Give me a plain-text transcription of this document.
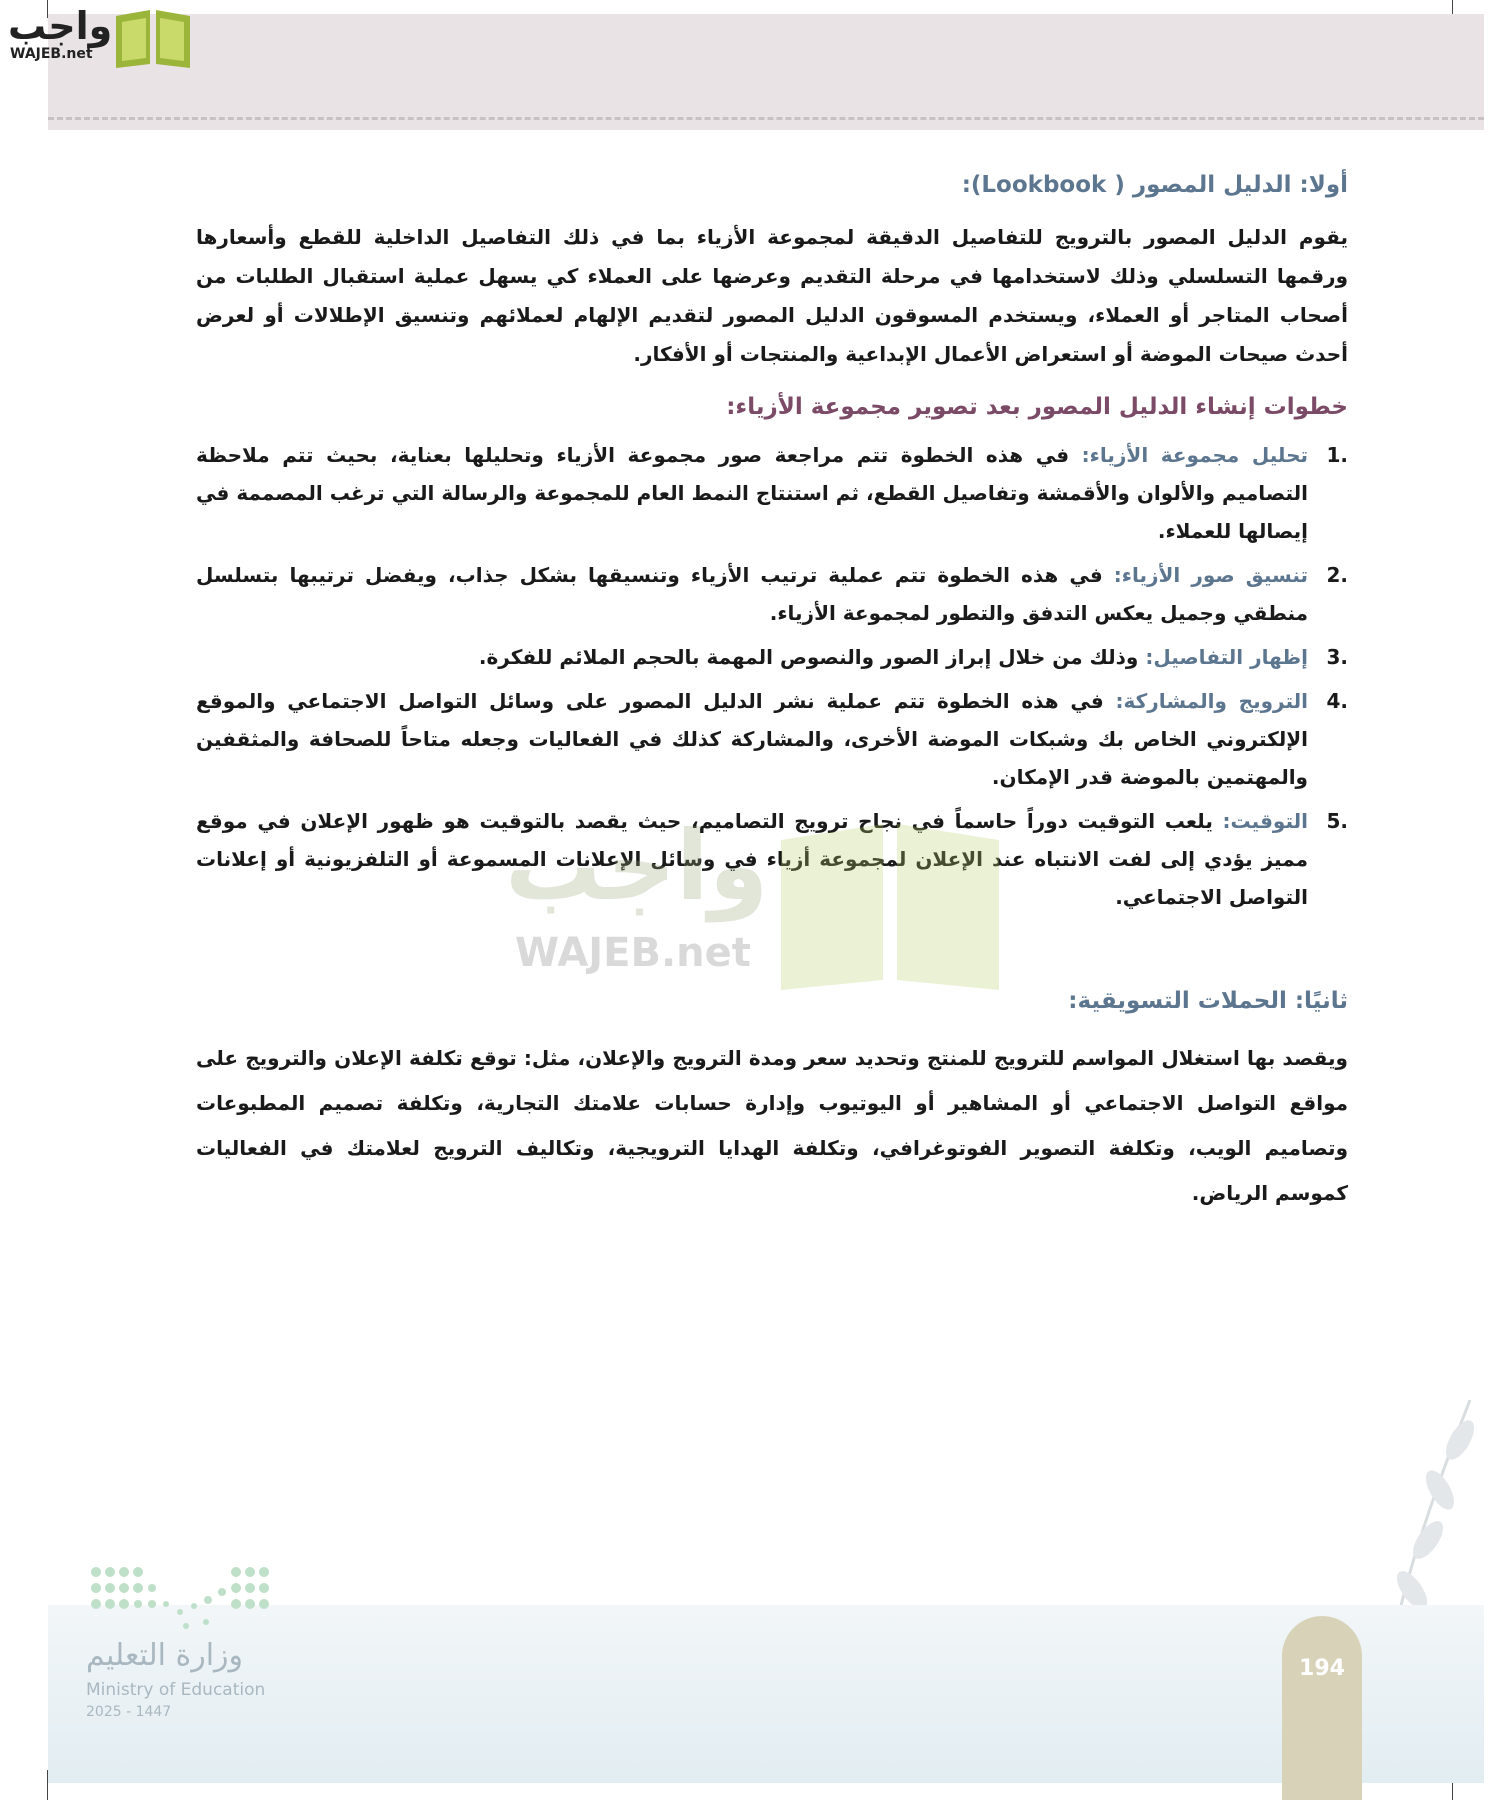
واجب
WAJEB.net
أولا: الدليل المصور ( Lookbook):
يقوم الدليل المصور بالترويج للتفاصيل الدقيقة لمجموعة الأزياء بما في ذلك التفاصيل الداخلية للقطع وأسعارها ورقمها التسلسلي وذلك لاستخدامها في مرحلة التقديم وعرضها على العملاء كي يسهل عملية استقبال الطلبات من أصحاب المتاجر أو العملاء، ويستخدم المسوقون الدليل المصور لتقديم الإلهام لعملائهم وتنسيق الإطلالات أو لعرض أحدث صيحات الموضة أو استعراض الأعمال الإبداعية والمنتجات أو الأفكار.
خطوات إنشاء الدليل المصور بعد تصوير مجموعة الأزياء:
1.
تحليل مجموعة الأزياء: في هذه الخطوة تتم مراجعة صور مجموعة الأزياء وتحليلها بعناية، بحيث تتم ملاحظة التصاميم والألوان والأقمشة وتفاصيل القطع، ثم استنتاج النمط العام للمجموعة والرسالة التي ترغب المصممة في إيصالها للعملاء.
2.
تنسيق صور الأزياء: في هذه الخطوة تتم عملية ترتيب الأزياء وتنسيقها بشكل جذاب، ويفضل ترتيبها بتسلسل منطقي وجميل يعكس التدفق والتطور لمجموعة الأزياء.
3.
إظهار التفاصيل: وذلك من خلال إبراز الصور والنصوص المهمة بالحجم الملائم للفكرة.
4.
الترويج والمشاركة: في هذه الخطوة تتم عملية نشر الدليل المصور على وسائل التواصل الاجتماعي والموقع الإلكتروني الخاص بك وشبكات الموضة الأخرى، والمشاركة كذلك في الفعاليات وجعله متاحاً للصحافة والمثقفين والمهتمين بالموضة قدر الإمكان.
5.
التوقيت: يلعب التوقيت دوراً حاسماً في نجاح ترويج التصاميم، حيث يقصد بالتوقيت هو ظهور الإعلان في موقع مميز يؤدي إلى لفت الانتباه عند الإعلان لمجموعة أزياء في وسائل الإعلانات المسموعة أو التلفزيونية أو إعلانات التواصل الاجتماعي.
واجب
WAJEB.net
ثانيًا: الحملات التسويقية:
ويقصد بها استغلال المواسم للترويج للمنتج وتحديد سعر ومدة الترويج والإعلان، مثل: توقع تكلفة الإعلان والترويج على مواقع التواصل الاجتماعي أو المشاهير أو اليوتيوب وإدارة حسابات علامتك التجارية، وتكلفة تصميم المطبوعات وتصاميم الويب، وتكلفة التصوير الفوتوغرافي، وتكلفة الهدايا الترويجية، وتكاليف الترويج لعلامتك في الفعاليات كموسم الرياض.
وزارة التعليم
Ministry of Education
2025 - 1447
194
